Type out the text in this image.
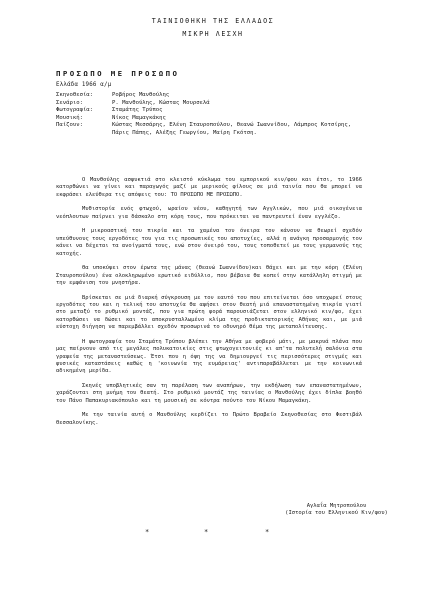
ΤΑΙΝΙΟΘΗΚΗ ΤΗΣ ΕΛΛΑΔΟΣ
ΜΙΚΡΗ ΛΕΣΧΗ
ΠΡΟΣΩΠΟ ΜΕ ΠΡΟΣΩΠΟ
Ελλάδα 1966 α/μ
Σκηνοθεσία:	Ροβήρος Μανθούλης
Σενάριο:	Ρ. Μανθούλης, Κώστας Μουρσελά
Φωτογραφία:	Σταμάτης Τρύπος
Μουσική:	Νίκος Μαμαγκάκης
Παίζουν:	Κώστας Μεσσάρης, Ελένη Σταυροπούλου, Θεανώ Ιωαννίδου, Λάμπρος Κοτσίρης, Πάρις Πάπης, Αλέξης Γεωργίου, Μαίρη Γκότση.

Ο Μανθούλης ασφυκτιά στο κλειστό κύκλωμα του εμπορικού κιν/φου και έτσι, το 1966 κατορθώνει να γίνει και παραγωγός μαζί με μερικούς φίλους σε μιά ταινία που θα μπορεί να εκφράσει ελεύθερα τις απόψεις του: ΤΟ ΠΡΟΣΩΠΟ ΜΕ ΠΡΟΣΩΠΟ.

Μυθιστορία ενός φτωχού, ωραίου νέου, καθηγητή των Αγγλικών, που μιά οικογένεια νεόπλουτων παίρνει για δάσκαλο στη κόρη τους, που πρόκειται να παντρευτεί έναν εγγλέζο.

Η μικροαστική του πικρία και τα χαμένα του όνειρα τον κάνουν να θεωρεί σχεδόν υπεύθυνους τους εργοδότες του για τις προσωπικές του αποτυχίες, αλλά η ανάγκη προσαρμογής τον κάνει να δέχεται τα ανοίγματά τους, ενώ στον όνειρό του, τους τοποθετεί με τους γερμανούς της κατοχής.

Θα υποκύψει στον έρωτα της μάνας (Θεανώ Ιωαννίδου)και θάχει και με την κόρη (Ελένη Σταυροπούλου) ένα ολοκληρωμένο ερωτικό ειδύλλιο, που βέβαια θα κοπεί στην κατάλληλη στιγμή με την εμφάνιση του μνηστήρα.

Βρίσκεται σε μιά διαρκή σύγκρουση με τον εαυτό του που επιτείνεται όσο υποχωρεί στους εργοδότες του και η τελική του αποτυχία θα αφήσει στον θεατή μιά επαναστατημένη πικρία γιατί στο μεταξύ το ρυθμικό μοντάζ, που για πρώτη φορά παρουσιάζεται στον ελληνικό κιν/φο, έχει κατορθώσει να δώσει και το αποκρυσταλλωμένο κλίμα της προδικτατορικής Αθήνας και, με μιά εύστοχη διήγηση να παρεμβάλλει σχεδόν προσωρινά το οδυνηρό θέμα της μεταπολίτευσης.

Η φωτογραφία του Σταμάτη Τρύπου βλέπει την Αθήνα με φοβερό μάτι, με μακρυά πλάνα που μας παίρνουν από τις μεγάλες πολυκατοικίες στις φτωχογειτονιές κι απ'τα πολυτελή σαλόνια στα γραφεία της μεταναστεύσεως. Έτσι που η όψη της να δημιουργεί τις περισσότερες στιγμές και φυσικές καταστάσεις καθώς η 'κοινωνία της ευμάρειας' αντιπαραβάλλεται με την κοινωνικά αδικημένη μερίδα.

Σκηνές υποβλητικές σαν τη παρέλαση των αναπήρων, την εκδήλωση των επαναστατημένων, χαράζονται στη μνήμη του θεατή. Στο ρυθμικό μοντάζ της ταινίας ο Μανθούλης έχει δίπλα βοηθό τον Πάνο Παπακυριακόπουλο και τη μουσική σε κόντρα πούντο του Νίκου Μαμαγκάκη.

Με την ταινία αυτή ο Μανθούλης κερδίζει το Πρώτο Βραβείο Σκηνοθεσίας στο Φεστιβάλ Θεσσαλονίκης.

Αγλαΐα Μητροπούλου
(Ιστορία του Ελληνικού Κιν/φου)
*	*	*
